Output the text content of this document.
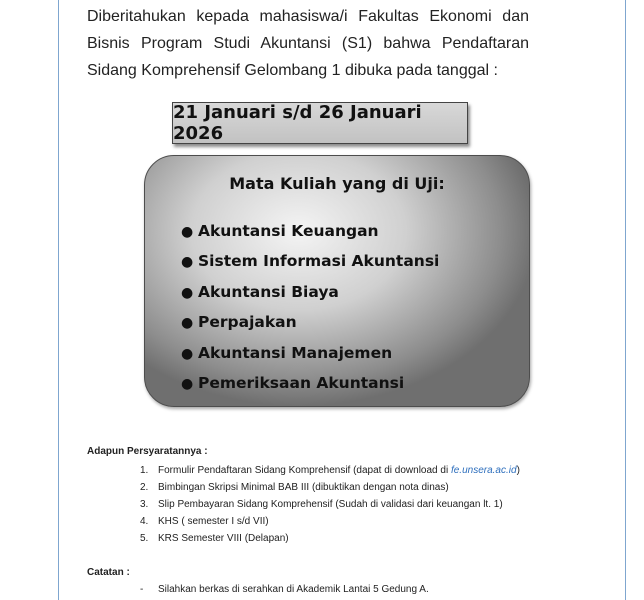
Diberitahukan kepada mahasiswa/i Fakultas Ekonomi dan Bisnis Program Studi Akuntansi (S1) bahwa Pendaftaran Sidang Komprehensif Gelombang 1 dibuka pada tanggal :

21 Januari s/d 26 Januari 2026

Mata Kuliah yang di Uji:

● Akuntansi Keuangan
● Sistem Informasi Akuntansi
● Akuntansi Biaya
● Perpajakan
● Akuntansi Manajemen
● Pemeriksaan Akuntansi

Adapun Persyaratannya :

1. Formulir Pendaftaran Sidang Komprehensif (dapat di download di fe.unsera.ac.id)
2. Bimbingan Skripsi Minimal BAB III (dibuktikan dengan nota dinas)
3. Slip Pembayaran Sidang Komprehensif (Sudah di validasi dari keuangan lt. 1)
4. KHS ( semester I s/d VII)
5. KRS Semester VIII (Delapan)

Catatan :

- Silahkan berkas di serahkan di Akademik Lantai 5 Gedung A.
